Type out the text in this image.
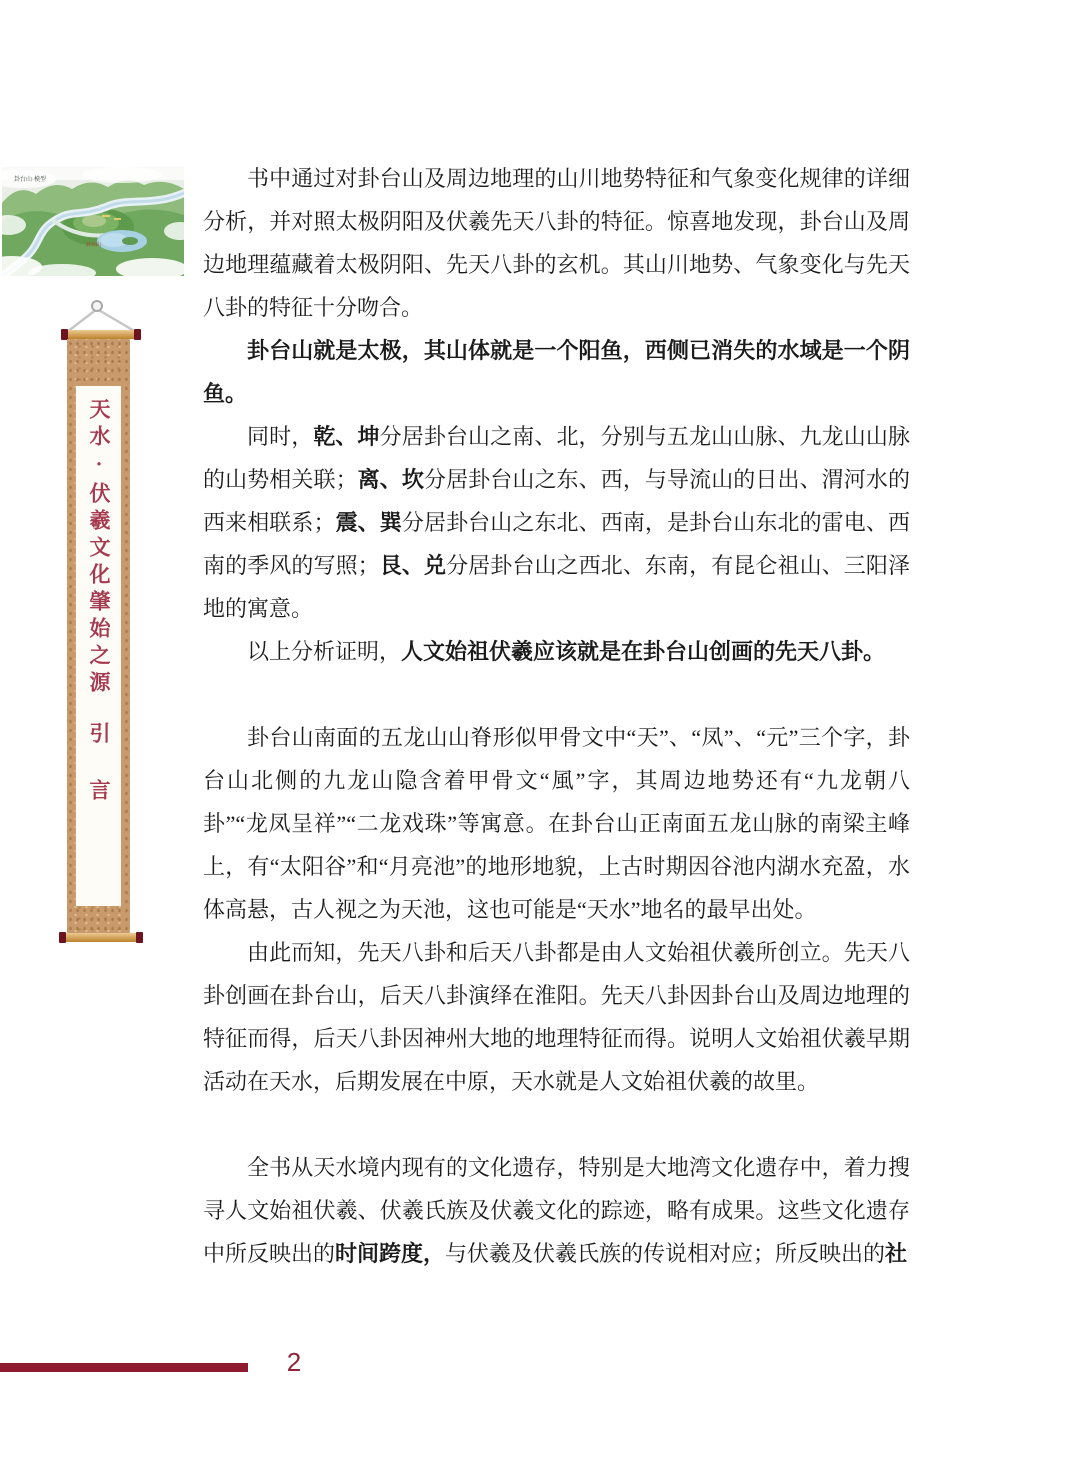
卦台山·模型
卦台山
天水·伏羲文化肇始之源引言

书中通过对卦台山及周边地理的山川地势特征和气象变化规律的详细分析，并对照太极阴阳及伏羲先天八卦的特征。惊喜地发现，卦台山及周边地理蕴藏着太极阴阳、先天八卦的玄机。其山川地势、气象变化与先天八卦的特征十分吻合。

卦台山就是太极，其山体就是一个阳鱼，西侧已消失的水域是一个阴鱼。

同时，乾、坤分居卦台山之南、北，分别与五龙山山脉、九龙山山脉的山势相关联；离、坎分居卦台山之东、西，与导流山的日出、渭河水的西来相联系；震、巽分居卦台山之东北、西南，是卦台山东北的雷电、西南的季风的写照；艮、兑分居卦台山之西北、东南，有昆仑祖山、三阳泽地的寓意。

以上分析证明，人文始祖伏羲应该就是在卦台山创画的先天八卦。

卦台山南面的五龙山山脊形似甲骨文中“天”、“凤”、“元”三个字，卦台山北侧的九龙山隐含着甲骨文“風”字，其周边地势还有“九龙朝八卦”“龙凤呈祥”“二龙戏珠”等寓意。在卦台山正南面五龙山脉的南梁主峰上，有“太阳谷”和“月亮池”的地形地貌，上古时期因谷池内湖水充盈，水体高悬，古人视之为天池，这也可能是“天水”地名的最早出处。

由此而知，先天八卦和后天八卦都是由人文始祖伏羲所创立。先天八卦创画在卦台山，后天八卦演绎在淮阳。先天八卦因卦台山及周边地理的特征而得，后天八卦因神州大地的地理特征而得。说明人文始祖伏羲早期活动在天水，后期发展在中原，天水就是人文始祖伏羲的故里。

全书从天水境内现有的文化遗存，特别是大地湾文化遗存中，着力搜寻人文始祖伏羲、伏羲氏族及伏羲文化的踪迹，略有成果。这些文化遗存中所反映出的时间跨度，与伏羲及伏羲氏族的传说相对应；所反映出的社

2
